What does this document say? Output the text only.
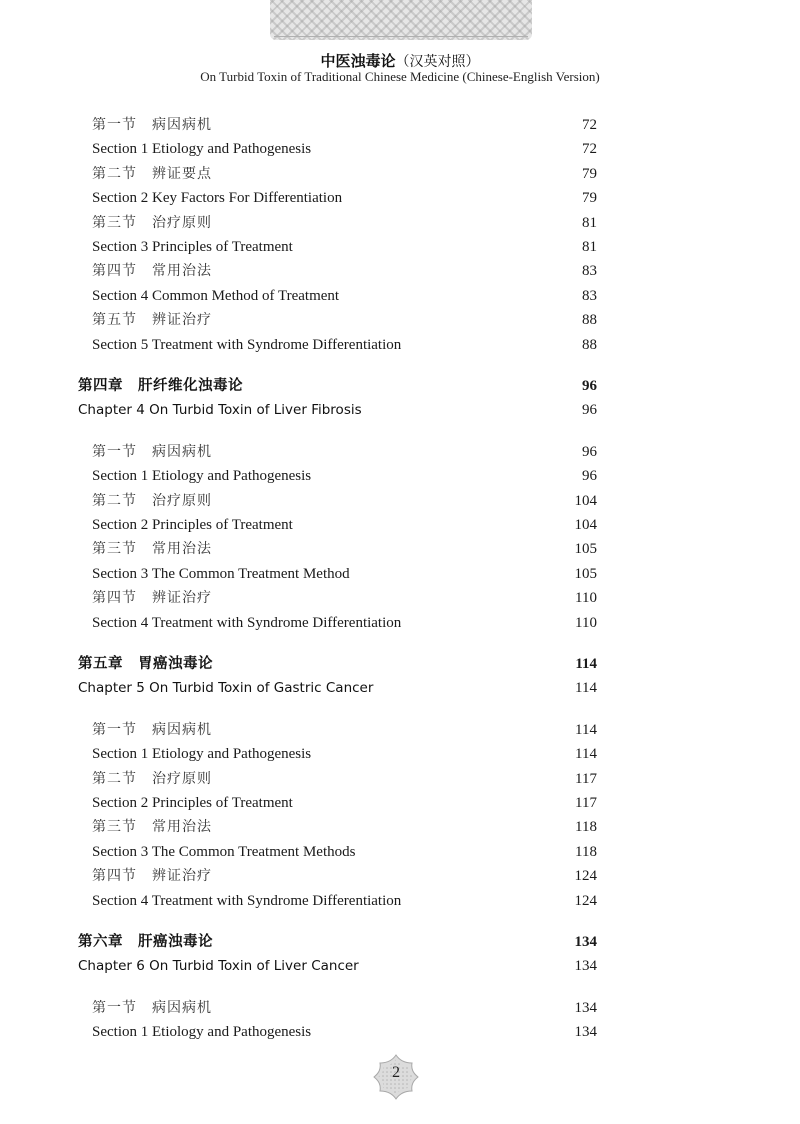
中医浊毒论（汉英对照）
On Turbid Toxin of Traditional Chinese Medicine (Chinese-English Version)
第一节　病因病机	72
Section 1 Etiology and Pathogenesis	72
第二节　辨证要点	79
Section 2 Key Factors For Differentiation	79
第三节　治疗原则	81
Section 3 Principles of Treatment	81
第四节　常用治法	83
Section 4 Common Method of Treatment	83
第五节　辨证治疗	88
Section 5 Treatment with Syndrome Differentiation	88
第四章　肝纤维化浊毒论	96
Chapter 4 On Turbid Toxin of Liver Fibrosis	96
第一节　病因病机	96
Section 1 Etiology and Pathogenesis	96
第二节　治疗原则	104
Section 2 Principles of Treatment	104
第三节　常用治法	105
Section 3 The Common Treatment Method	105
第四节　辨证治疗	110
Section 4 Treatment with Syndrome Differentiation	110
第五章　胃癌浊毒论	114
Chapter 5 On Turbid Toxin of Gastric Cancer	114
第一节　病因病机	114
Section 1 Etiology and Pathogenesis	114
第二节　治疗原则	117
Section 2 Principles of Treatment	117
第三节　常用治法	118
Section 3 The Common Treatment Methods	118
第四节　辨证治疗	124
Section 4 Treatment with Syndrome Differentiation	124
第六章　肝癌浊毒论	134
Chapter 6 On Turbid Toxin of Liver Cancer	134
第一节　病因病机	134
Section 1 Etiology and Pathogenesis	134
2
